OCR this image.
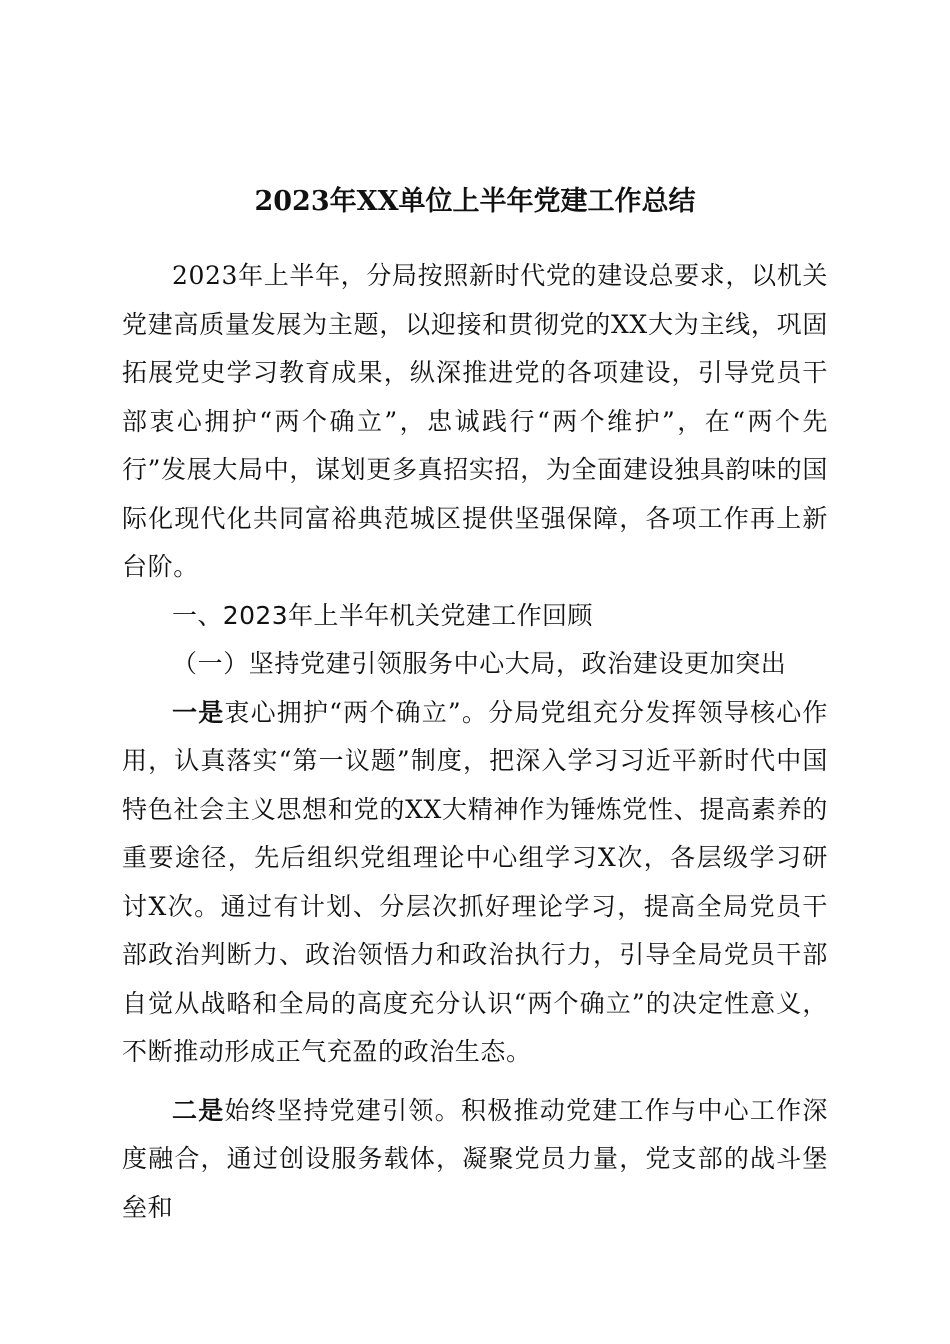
2023年XX单位上半年党建工作总结

2023年上半年，分局按照新时代党的建设总要求，以机关党建高质量发展为主题，以迎接和贯彻党的XX大为主线，巩固拓展党史学习教育成果，纵深推进党的各项建设，引导党员干部衷心拥护“两个确立”，忠诚践行“两个维护”，在“两个先行”发展大局中，谋划更多真招实招，为全面建设独具韵味的国际化现代化共同富裕典范城区提供坚强保障，各项工作再上新台阶。

一、2023年上半年机关党建工作回顾

（一）坚持党建引领服务中心大局，政治建设更加突出

一是衷心拥护“两个确立”。分局党组充分发挥领导核心作用，认真落实“第一议题”制度，把深入学习习近平新时代中国特色社会主义思想和党的XX大精神作为锤炼党性、提高素养的重要途径，先后组织党组理论中心组学习X次，各层级学习研讨X次。通过有计划、分层次抓好理论学习，提高全局党员干部政治判断力、政治领悟力和政治执行力，引导全局党员干部自觉从战略和全局的高度充分认识“两个确立”的决定性意义，不断推动形成正气充盈的政治生态。

二是始终坚持党建引领。积极推动党建工作与中心工作深度融合，通过创设服务载体，凝聚党员力量，党支部的战斗堡垒和
